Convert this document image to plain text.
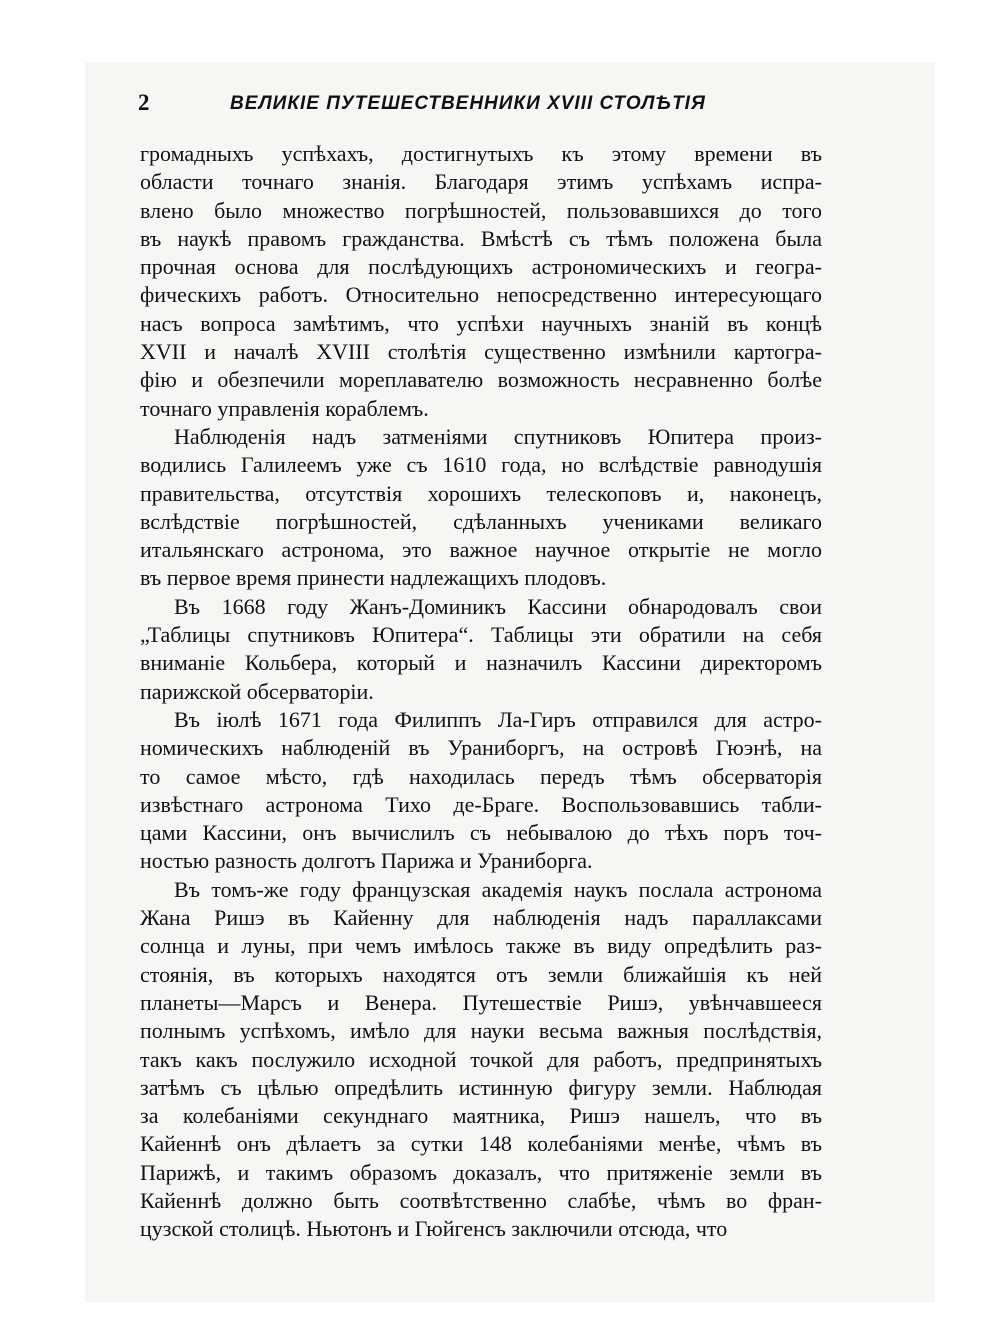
2	ВЕЛИКІЕ ПУТЕШЕСТВЕННИКИ XVIII СТОЛѢТІЯ
громадныхъ успѣхахъ, достигнутыхъ къ этому времени въ
области точнаго знанія. Благодаря этимъ успѣхамъ испра-
влено было множество погрѣшностей, пользовавшихся до того
въ наукѣ правомъ гражданства. Вмѣстѣ съ тѣмъ положена была
прочная основа для послѣдующихъ астрономическихъ и геогра-
фическихъ работъ. Относительно непосредственно интересующаго
насъ вопроса замѣтимъ, что успѣхи научныхъ знаній въ концѣ
XVII и началѣ XVIII столѣтія существенно измѣнили картогра-
фію и обезпечили мореплавателю возможность несравненно болѣе
точнаго управленія кораблемъ.
Наблюденія надъ затменіями спутниковъ Юпитера произ-
водились Галилеемъ уже съ 1610 года, но вслѣдствіе равнодушія
правительства, отсутствія хорошихъ телескоповъ и, наконецъ,
вслѣдствіе погрѣшностей, сдѣланныхъ учениками великаго
итальянскаго астронома, это важное научное открытіе не могло
въ первое время принести надлежащихъ плодовъ.
Въ 1668 году Жанъ-Доминикъ Кассини обнародовалъ свои
„Таблицы спутниковъ Юпитера“. Таблицы эти обратили на себя
вниманіе Кольбера, который и назначилъ Кассини директоромъ
парижской обсерваторіи.
Въ іюлѣ 1671 года Филиппъ Ла-Гиръ отправился для астро-
номическихъ наблюденій въ Ураниборгъ, на островѣ Гюэнѣ, на
то самое мѣсто, гдѣ находилась передъ тѣмъ обсерваторія
извѣстнаго астронома Тихо де-Браге. Воспользовавшись табли-
цами Кассини, онъ вычислилъ съ небывалою до тѣхъ поръ точ-
ностью разность долготъ Парижа и Ураниборга.
Въ томъ-же году французская академія наукъ послала астронома
Жана Ришэ въ Кайенну для наблюденія надъ параллаксами
солнца и луны, при чемъ имѣлось также въ виду опредѣлить раз-
стоянія, въ которыхъ находятся отъ земли ближайшія къ ней
планеты—Марсъ и Венера. Путешествіе Ришэ, увѣнчавшееся
полнымъ успѣхомъ, имѣло для науки весьма важныя послѣдствія,
такъ какъ послужило исходной точкой для работъ, предпринятыхъ
затѣмъ съ цѣлью опредѣлить истинную фигуру земли. Наблюдая
за колебаніями секунднаго маятника, Ришэ нашелъ, что въ
Кайеннѣ онъ дѣлаетъ за сутки 148 колебаніями менѣе, чѣмъ въ
Парижѣ, и такимъ образомъ доказалъ, что притяженіе земли въ
Кайеннѣ должно быть соотвѣтственно слабѣе, чѣмъ во фран-
цузской столицѣ. Ньютонъ и Гюйгенсъ заключили отсюда, что
